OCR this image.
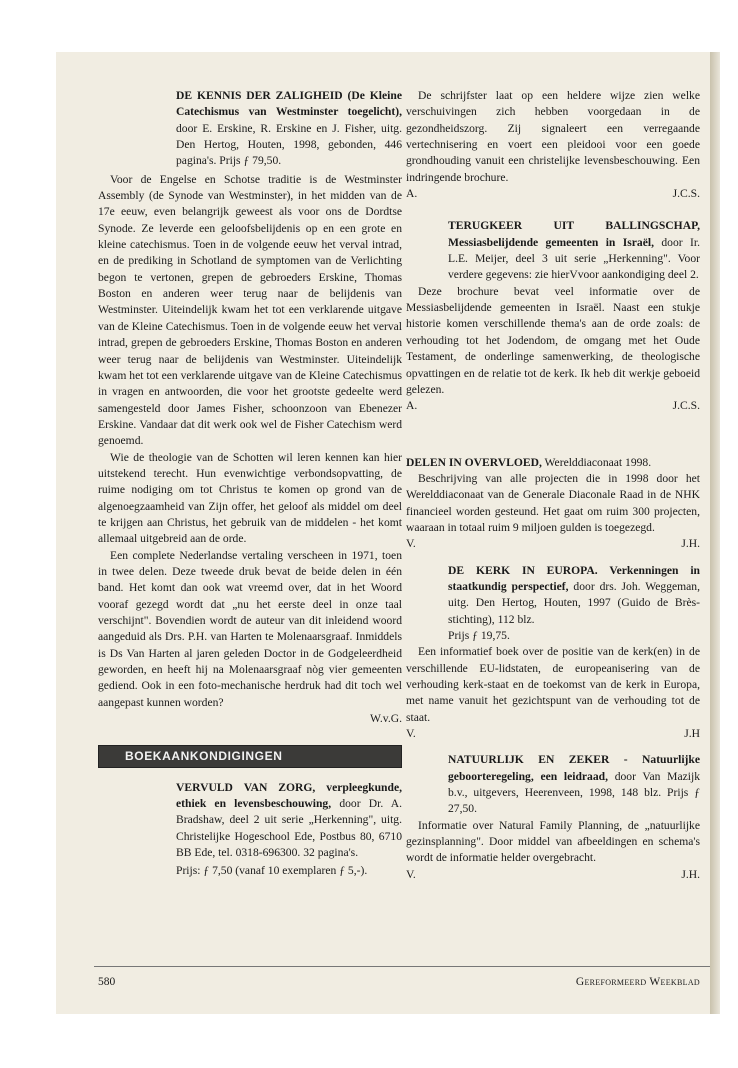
DE KENNIS DER ZALIGHEID (De Kleine Catechismus van Westminster toegelicht), door E. Erskine, R. Erskine en J. Fisher, uitg. Den Hertog, Houten, 1998, gebonden, 446 pagina's. Prijs ƒ 79,50.

Voor de Engelse en Schotse traditie is de Westminster Assembly (de Synode van Westminster), in het midden van de 17e eeuw, even belangrijk geweest als voor ons de Dordtse Synode. Ze leverde een geloofsbelijdenis op en een grote en kleine catechismus. Toen in de volgende eeuw het verval intrad, en de prediking in Schotland de symptomen van de Verlichting begon te vertonen, grepen de gebroeders Erskine, Thomas Boston en anderen weer terug naar de belijdenis van Westminster. Uiteindelijk kwam het tot een verklarende uitgave van de Kleine Catechismus. Toen in de volgende eeuw het verval intrad, grepen de gebroeders Erskine, Thomas Boston en anderen weer terug naar de belijdenis van Westminster. Uiteindelijk kwam het tot een verklarende uitgave van de Kleine Catechismus in vragen en antwoorden, die voor het grootste gedeelte werd samengesteld door James Fisher, schoonzoon van Ebenezer Erskine. Vandaar dat dit werk ook wel de Fisher Catechism werd genoemd.

Wie de theologie van de Schotten wil leren kennen kan hier uitstekend terecht. Hun evenwichtige verbondsopvatting, de ruime nodiging om tot Christus te komen op grond van de algenoegzaamheid van Zijn offer, het geloof als middel om deel te krijgen aan Christus, het gebruik van de middelen - het komt allemaal uitgebreid aan de orde.

Een complete Nederlandse vertaling verscheen in 1971, toen in twee delen. Deze tweede druk bevat de beide delen in één band. Het komt dan ook wat vreemd over, dat in het Woord vooraf gezegd wordt dat „nu het eerste deel in onze taal verschijnt". Bovendien wordt de auteur van dit inleidend woord aangeduid als Drs. P.H. van Harten te Molenaarsgraaf. Inmiddels is Ds Van Harten al jaren geleden Doctor in de Godgeleerdheid geworden, en heeft hij na Molenaarsgraaf nòg vier gemeenten gediend. Ook in een foto-mechanische herdruk had dit toch wel aangepast kunnen worden?

W.v.G.

BOEKAANKONDIGINGEN

VERVULD VAN ZORG, verpleegkunde, ethiek en levensbeschouwing, door Dr. A. Bradshaw, deel 2 uit serie „Herkenning", uitg. Christelijke Hogeschool Ede, Postbus 80, 6710 BB Ede, tel. 0318-696300. 32 pagina's.

Prijs: ƒ 7,50 (vanaf 10 exemplaren ƒ 5,-).

De schrijfster laat op een heldere wijze zien welke verschuivingen zich hebben voorgedaan in de gezondheidszorg. Zij signaleert een verregaande vertechnisering en voert een pleidooi voor een goede grondhouding vanuit een christelijke levensbeschouwing. Een indringende brochure.

A.	J.C.S.

TERUGKEER UIT BALLINGSCHAP, Messiasbelijdende gemeenten in Israël, door Ir. L.E. Meijer, deel 3 uit serie „Herkenning". Voor verdere gegevens: zie hierVvoor aankondiging deel 2.

Deze brochure bevat veel informatie over de Messiasbelijdende gemeenten in Israël. Naast een stukje historie komen verschillende thema's aan de orde zoals: de verhouding tot het Jodendom, de omgang met het Oude Testament, de onderlinge samenwerking, de theologische opvattingen en de relatie tot de kerk. Ik heb dit werkje geboeid gelezen.

A.	J.C.S.

DELEN IN OVERVLOED, Werelddiaconaat 1998.

Beschrijving van alle projecten die in 1998 door het Werelddiaconaat van de Generale Diaconale Raad in de NHK financieel worden gesteund. Het gaat om ruim 300 projecten, waaraan in totaal ruim 9 miljoen gulden is toegezegd.

V.	J.H.

DE KERK IN EUROPA. Verkenningen in staatkundig perspectief, door drs. Joh. Weggeman, uitg. Den Hertog, Houten, 1997 (Guido de Brès-stichting), 112 blz.

Prijs ƒ 19,75.

Een informatief boek over de positie van de kerk(en) in de verschillende EU-lidstaten, de europeanisering van de verhouding kerk-staat en de toekomst van de kerk in Europa, met name vanuit het gezichtspunt van de verhouding tot de staat.

V.	J.H

NATUURLIJK EN ZEKER - Natuurlijke geboorteregeling, een leidraad, door Van Mazijk b.v., uitgevers, Heerenveen, 1998, 148 blz. Prijs ƒ 27,50.

Informatie over Natural Family Planning, de „natuurlijke gezinsplanning". Door middel van afbeeldingen en schema's wordt de informatie helder overgebracht.

V.	J.H.
580	Gereformeerd Weekblad
